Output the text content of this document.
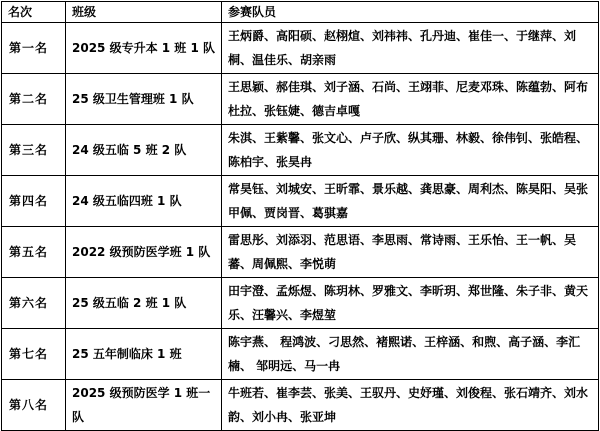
名次	班级	参赛队员
第一名	2025 级专升本 1 班 1 队	王炳爵、高阳硕、赵栩煊、刘祎祎、孔丹迪、崔佳一、于继萍、刘桐、温佳乐、胡亲雨
第二名	25 级卫生管理班 1 队	王思颖、郝佳琪、刘子涵、石尚、王翊菲、尼麦邓珠、陈蕴勃、阿布杜拉、张钰婕、德吉卓嘎
第三名	24 级五临 5 班 2 队	朱淇、王紫馨、张文心、卢子欣、纵其珊、林毅、徐伟钊、张皓程、陈柏宇、张昊冉
第四名	24 级五临四班 1 队	常昊钰、刘城安、王昕霏、景乐越、龚思豪、周利杰、陈昊阳、吴张甲佩、贾岗晋、葛骐嘉
第五名	2022 级预防医学班 1 队	雷思彤、刘添羽、范思语、李思雨、常诗雨、王乐怡、王一帆、吴蕃、周佩熙、李悦萌
第六名	25 级五临 2 班 1 队	田宇澄、孟烁煜、陈玥林、罗雅文、李昕玥、郑世隆、朱子非、黄天乐、汪馨兴、李煜堃
第七名	25 五年制临床 1 班	陈宇燕、 程鸿波、刁思然、褚熙诺、王梓涵、和煦、高子涵、李汇楠、 邹明远、马一冉
第八名	2025 级预防医学 1 班一队	牛班若、崔李芸、张美、王驭丹、史妤瑾、刘俊程、张石靖齐、刘水韵、刘小冉、张亚坤
